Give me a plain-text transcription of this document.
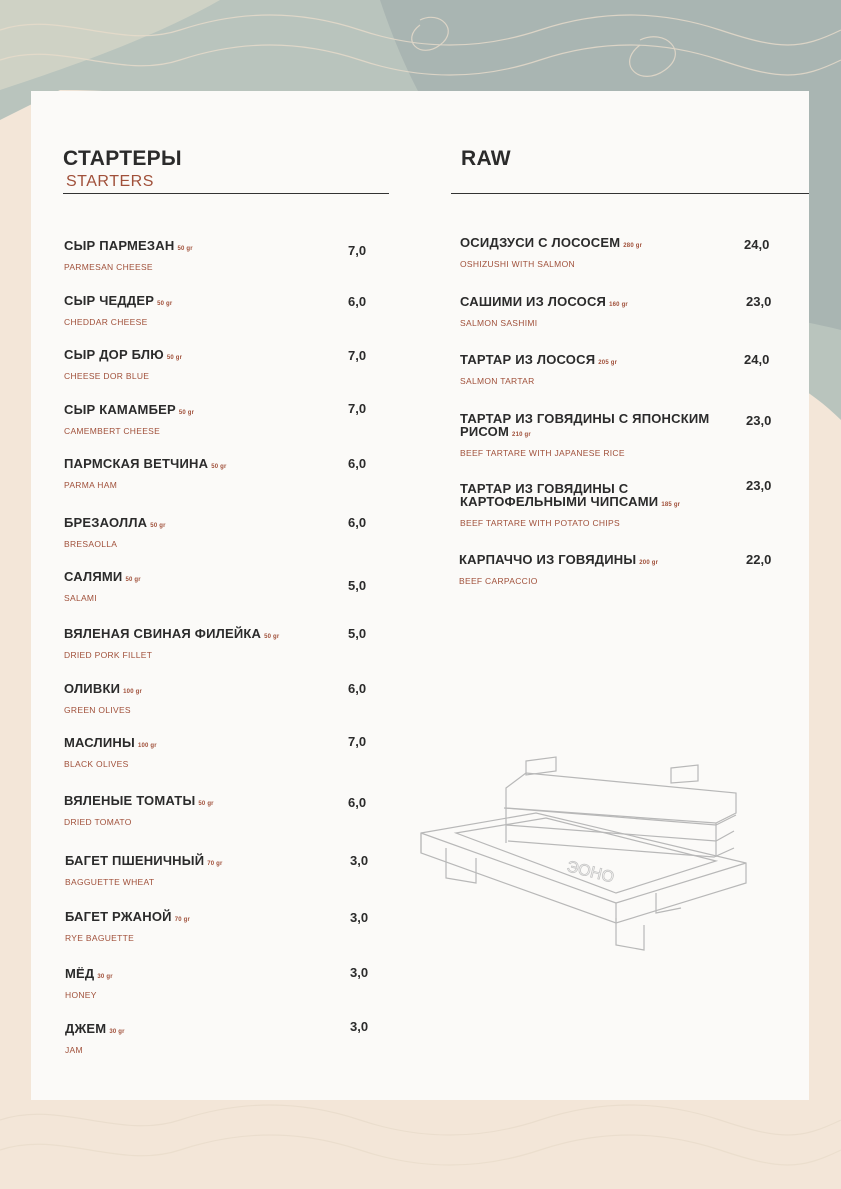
СТАРТЕРЫ
STARTERS
RAW
СЫР ПАРМЕЗАН 50 gr
PARMESAN CHEESE
7,0
СЫР ЧЕДДЕР 50 gr
CHEDDAR CHEESE
6,0
СЫР ДОР БЛЮ 50 gr
CHEESE DOR BLUE
7,0
СЫР КАМАМБЕР 50 gr
CAMEMBERT CHEESE
7,0
ПАРМСКАЯ ВЕТЧИНА 50 gr
PARMA HAM
6,0
БРЕЗАОЛЛА 50 gr
BRESAOLLA
6,0
САЛЯМИ 50 gr
SALAMI
5,0
ВЯЛЕНАЯ СВИНАЯ ФИЛЕЙКА 50 gr
DRIED PORK FILLET
5,0
ОЛИВКИ 100 gr
GREEN OLIVES
6,0
МАСЛИНЫ 100 gr
BLACK OLIVES
7,0
ВЯЛЕНЫЕ ТОМАТЫ 50 gr
DRIED TOMATO
6,0
БАГЕТ ПШЕНИЧНЫЙ 70 gr
BAGGUETTE WHEAT
3,0
БАГЕТ РЖАНОЙ 70 gr
RYE BAGUETTE
3,0
МЁД 30 gr
HONEY
3,0
ДЖЕМ 30 gr
JAM
3,0
ОСИДЗУСИ С ЛОСОСЕМ 280 gr
OSHIZUSHI WITH SALMON
24,0
САШИМИ ИЗ ЛОСОСЯ 160 gr
SALMON SASHIMI
23,0
ТАРТАР ИЗ ЛОСОСЯ 205 gr
SALMON TARTAR
24,0
ТАРТАР ИЗ ГОВЯДИНЫ С ЯПОНСКИМ РИСОМ 210 gr
BEEF TARTARE WITH JAPANESE RICE
23,0
ТАРТАР ИЗ ГОВЯДИНЫ С КАРТОФЕЛЬНЫМИ ЧИПСАМИ 185 gr
BEEF TARTARE WITH POTATO CHIPS
23,0
КАРПАЧЧО ИЗ ГОВЯДИНЫ 200 gr
BEEF CARPACCIO
22,0
ЭОНО
